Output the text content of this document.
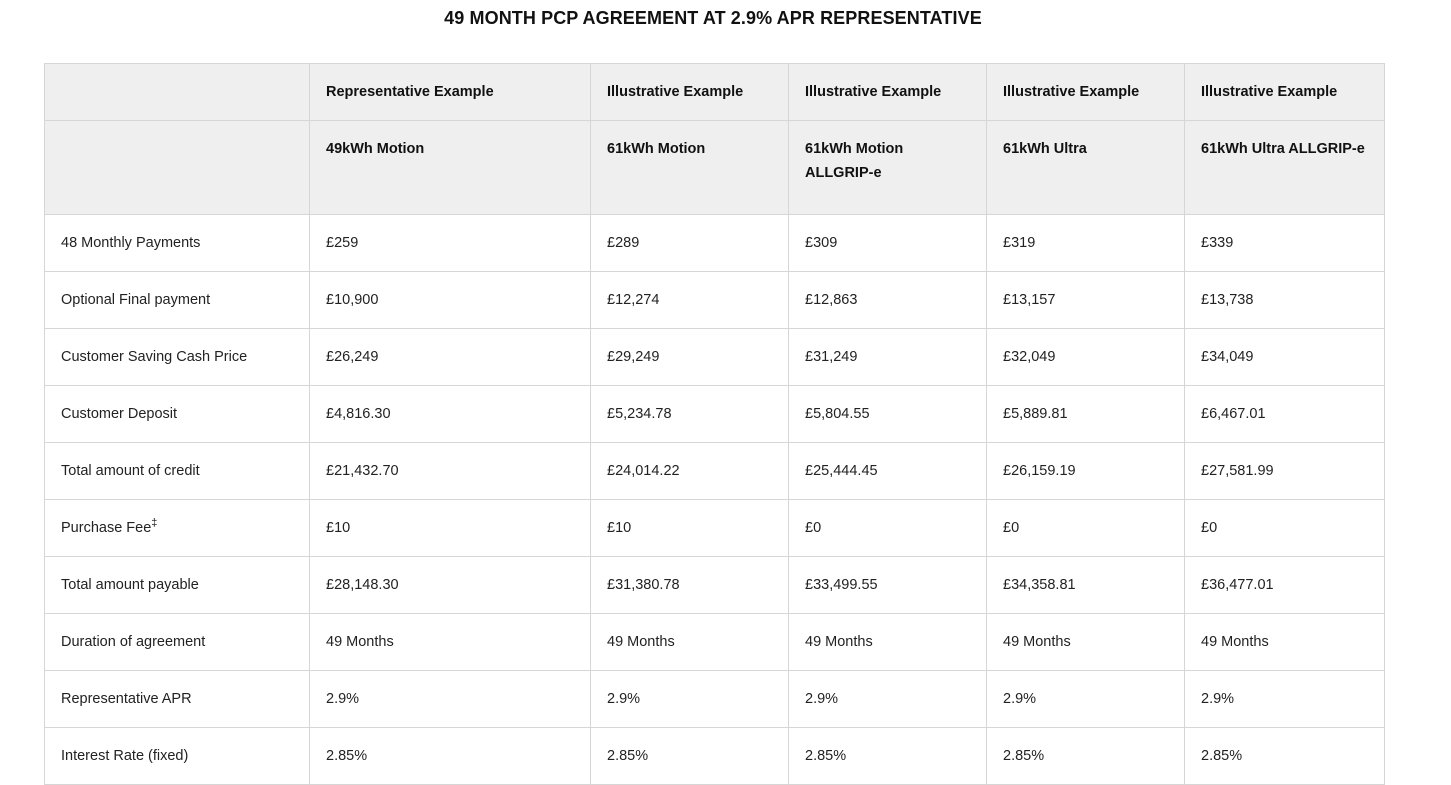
49 MONTH PCP AGREEMENT AT 2.9% APR REPRESENTATIVE
	Representative Example	Illustrative Example	Illustrative Example	Illustrative Example	Illustrative Example
	49kWh Motion	61kWh Motion	61kWh Motion ALLGRIP-e	61kWh Ultra	61kWh Ultra ALLGRIP-e
48 Monthly Payments	£259	£289	£309	£319	£339
Optional Final payment	£10,900	£12,274	£12,863	£13,157	£13,738
Customer Saving Cash Price	£26,249	£29,249	£31,249	£32,049	£34,049
Customer Deposit	£4,816.30	£5,234.78	£5,804.55	£5,889.81	£6,467.01
Total amount of credit	£21,432.70	£24,014.22	£25,444.45	£26,159.19	£27,581.99
Purchase Fee‡	£10	£10	£0	£0	£0
Total amount payable	£28,148.30	£31,380.78	£33,499.55	£34,358.81	£36,477.01
Duration of agreement	49 Months	49 Months	49 Months	49 Months	49 Months
Representative APR	2.9%	2.9%	2.9%	2.9%	2.9%
Interest Rate (fixed)	2.85%	2.85%	2.85%	2.85%	2.85%
